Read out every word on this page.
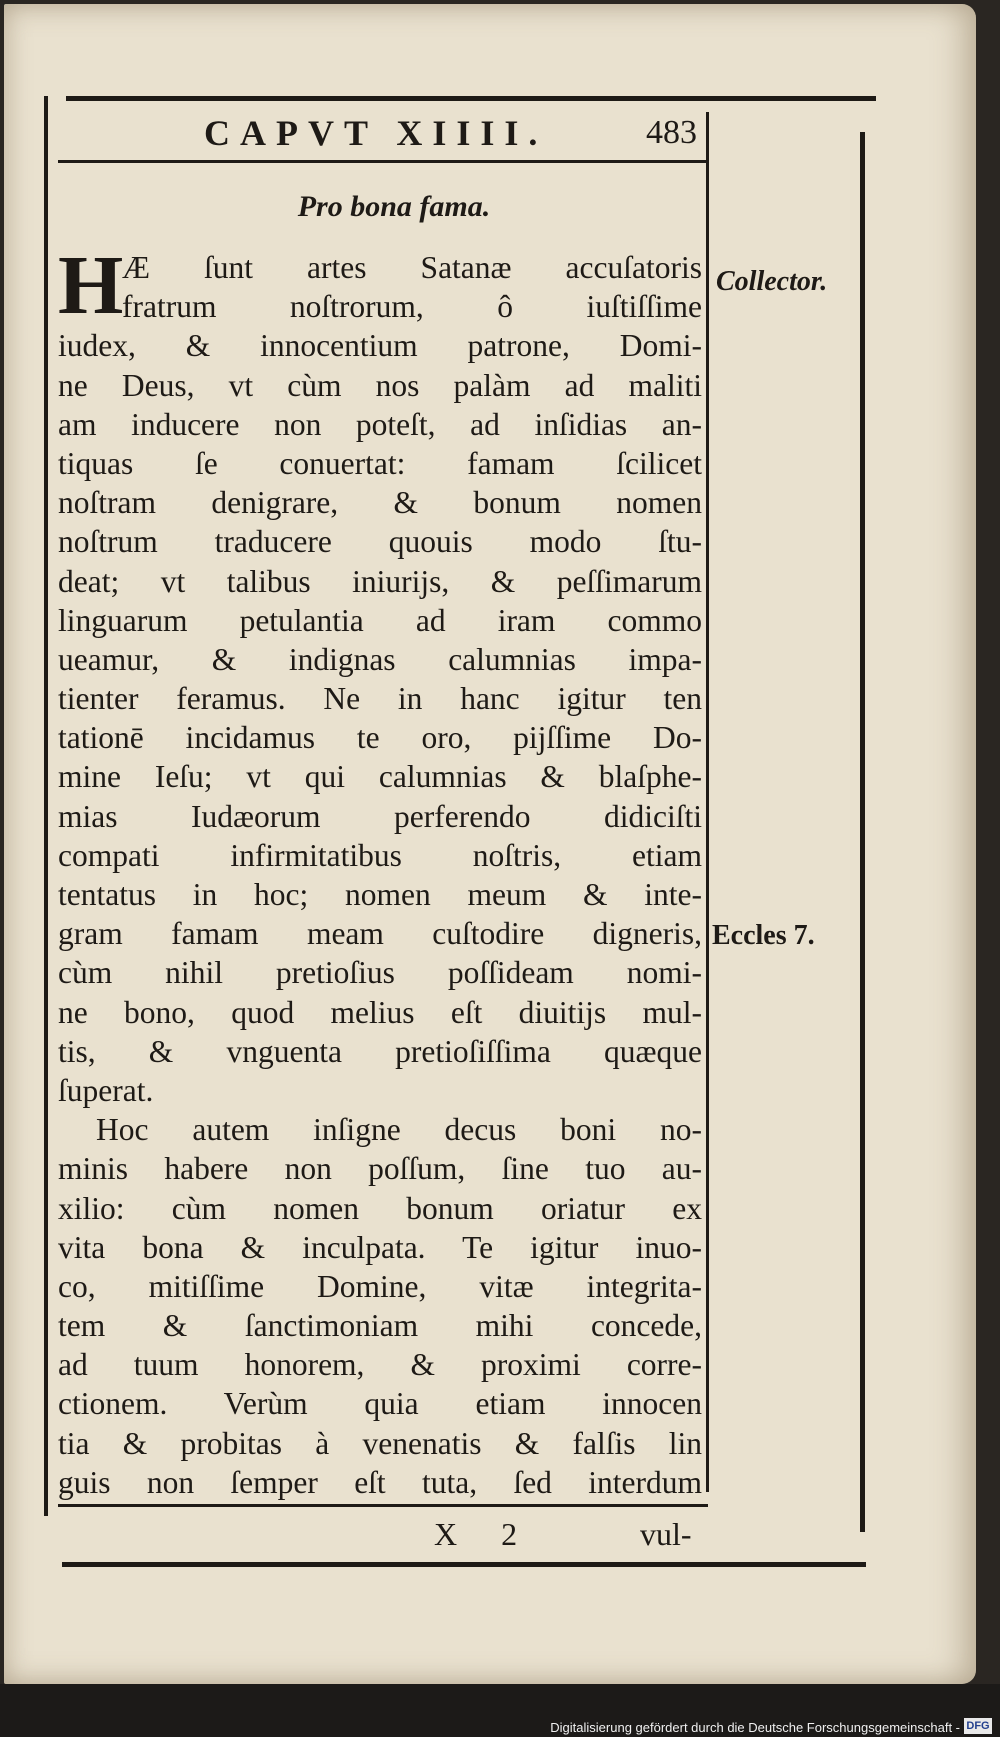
CAPVT XIIII.	483
Pro bona fama.
H
Æ ſunt artes Satanæ accuſatoris
fratrum noſtrorum, ô iuſtiſſime
iudex, & innocentium patrone, Domi-
ne Deus, vt cùm nos palàm ad maliti
am inducere non poteſt, ad inſidias an-
tiquas ſe conuertat: famam ſcilicet
noſtram denigrare, & bonum nomen
noſtrum traducere quouis modo ſtu-
deat; vt talibus iniurijs, & peſſimarum
linguarum petulantia ad iram commo
ueamur, & indignas calumnias impa-
tienter feramus. Ne in hanc igitur ten
tationē incidamus te oro, pijſſime Do-
mine Ieſu; vt qui calumnias & blaſphe-
mias Iudæorum perferendo didiciſti
compati infirmitatibus noſtris, etiam
tentatus in hoc; nomen meum & inte-
gram famam meam cuſtodire digneris,
cùm nihil pretioſius poſſideam nomi-
ne bono, quod melius eſt diuitijs mul-
tis, & vnguenta pretioſiſſima quæque
ſuperat.
Hoc autem inſigne decus boni no-
minis habere non poſſum, ſine tuo au-
xilio: cùm nomen bonum oriatur ex
vita bona & inculpata. Te igitur inuo-
co, mitiſſime Domine, vitæ integrita-
tem & ſanctimoniam mihi concede,
ad tuum honorem, & proximi corre-
ctionem. Verùm quia etiam innocen
tia & probitas à venenatis & falſis lin
guis non ſemper eſt tuta, ſed interdum
Collector.
Eccles 7.
X 2	vul-
Digitalisierung gefördert durch die Deutsche Forschungsgemeinschaft - DFG
